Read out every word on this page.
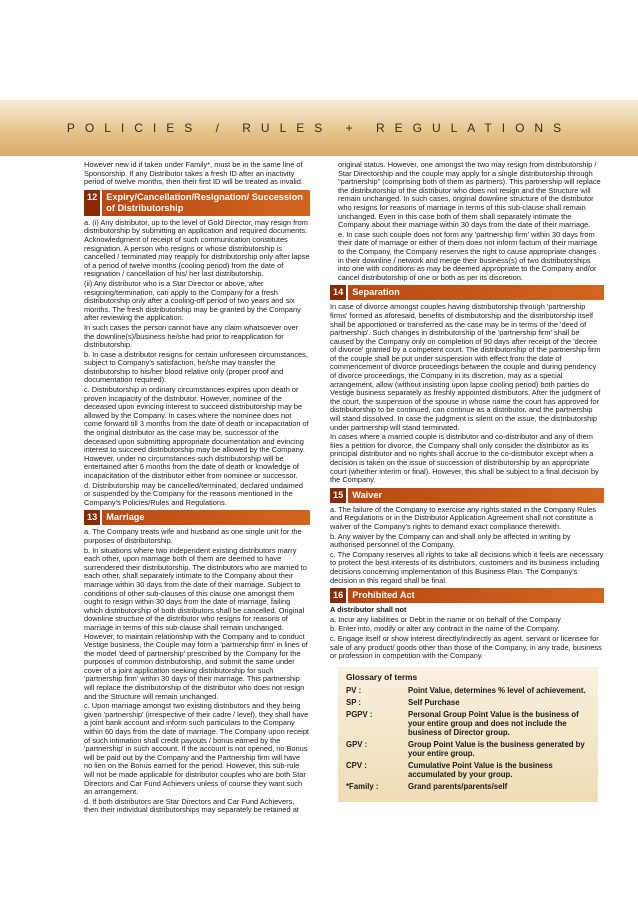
POLICIES / RULES + REGULATIONS

However new id if taken under Family*, must be in the same line of Sponsorship. If any Distributor takes a fresh ID after an inactivity period of twelve months, then their first ID will be treated as invalid.

12 Expiry/Cancellation/Resignation/ Succession of Distributorship

a. (i) Any distributor, up to the level of Gold Director, may resign from distributorship by submitting an application and required documents. Acknowledgment of receipt of such communication constitutes resignation. A person who resigns or whose distributorship is cancelled / terminated may reapply for distributorship only after lapse of a period of twelve months (cooling period) from the date of resignation / cancellation of his/ her last distributorship.

(ii) Any distributor who is a Star Director or above, after resigning/termination, can apply to the Company for a fresh distributorship only after a cooling-off period of two years and six months. The fresh distributorship may be granted by the Company after reviewing the application.

In such cases the person cannot have any claim whatsoever over the downline(s)/business he/she had prior to reapplication for distributorship.

b. In case a distributor resigns for certain unforeseen circumstances, subject to Company's satisfaction, he/she may transfer the distributorship to his/her blood relative only (proper proof and documentation required).

c. Distributorship in ordinary circumstances expires upon death or proven incapacity of the distributor. However, nominee of the deceased upon evincing interest to succeed distributorship may be allowed by the Company. In cases where the nominee does not come forward till 3 months from the date of death or incapacitation of the original distributor as the case may be, successor of the deceased upon submitting appropriate documentation and evincing interest to succeed distributorship may be allowed by the Company. However, under no circumstances such distributorship will be entertained after 6 months from the date of death or knowledge of incapacitation of the distributor either from nominee or successor.

d. Distributorship may be cancelled/terminated, declared undaimed or suspended by the Company for the reasons mentioned in the Company's Policies/Rules and Regulations.

13 Marriage

a. The Company treats wife and husband as one single unit for the purposes of distributorship.

b. In situations where two independent existing distributors marry each other, upon marriage both of them are deemed to have surrendered their distributorship. The distributors who are married to each other, shall separately intimate to the Company about their marriage within 30 days from the date of their marriage. Subject to conditions of other sub-clauses of this clause one amongst them ought to resign within 30 days from the date of marriage, failing which distributorship of both distributors shall be cancelled. Original downline structure of the distributor who resigns for reasons of marriage in terms of this sub-clause shall remain unchanged. However, to maintain relationship with the Company and to conduct Vestige business, the Couple may form a 'partnership firm' in lines of the model 'deed of partnership' prescribed by the Company for the purposes of common distributorship, and submit the same under cover of a joint application seeking distributorship for such 'partnership firm' within 30 days of their marriage. This partnership will replace the distributorship of the distributor who does not resign and the Structure will remain unchanged.

c. Upon marriage amongst two existing distributors and they being given 'partnership' (irrespective of their cadre / level), they shall have a joint bank account and inform such particulars to the Company within 60 days from the date of marriage. The Company upon receipt of such intimation shall credit payouts / bonus earned by the 'partnership' in such account. If the account is not opened, no Bonus will be paid out by the Company and the Partnership firm will have no lien on the Bonus earned for the period. However, this sub-rule will not be made applicable for distributor couples who are both Star Directors and Car Fund Achievers unless of course they want such an arrangement.

d. If both distributors are Star Directors and Car Fund Achievers, then their individual distributorships may separately be retained at

original status. However, one amongst the two may resign from distributorship / Star Directorship and the couple may apply for a single distributorship through "partnership" (comprising both of them as partners). This partnership will replace the distributorship of the distributor who does not resign and the Structure will remain unchanged. In such cases, original downline structure of the distributor who resigns for reasons of marriage in terms of this sub-clause shall remain unchanged. Even in this case both of them shall separately intimate the Company about their marriage within 30 days from the date of their marriage.

e. In case such couple does not form any 'partnership firm' within 30 days from their date of marriage or either of them does not inform factum of their marriage to the Company, the Company reserves the right to cause appropriate changes in their downline / network and merge their business(s) of two distributorships into one with conditions as may be deemed appropriate to the Company and/or cancel distributorship of one or both as per its discretion.

14 Separation

In case of divorce amongst couples having distributorship through 'partnership firms' formed as aforesaid, benefits of distributorship and the distributorship itself shall be apportioned or transferred as the case may be in terms of the 'deed of partnership'. Such changes in distributorship of the 'partnership firm' shall be caused by the Company only on completion of 90 days after receipt of the 'decree of divorce' granted by a competent court. The distributorship of the partnership firm of the couple shall be put under suspension with effect from the date of commencement of divorce proceedings between the couple and during pendency of divorce proceedings, the Company in its discretion, may as a special arrangement, allow (without insisting upon lapse cooling period) both parties do Vestige business separately as freshly appointed distributors. After the judgment of the court, the suspension of the spouse in whose name the court has approved for distributorship to be continued, can continue as a distributor, and the partnership will stand dissolved. In case the judgment is silent on the issue, the distributorship under partnership will stand terminated.

In cases where a married couple is distributor and co-distributor and any of them files a petition for divorce, the Company shall only consider the distributor as its principal distributor and no rights shall accrue to the co-distributor except when a decision is taken on the issue of succession of distributorship by an appropriate court (whether interim or final). However, this shall be subject to a final decision by the Company.

15 Waiver

a. The failure of the Company to exercise any rights stated in the Company Rules and Regulations or in the Distributor Application Agreement shall not constitute a waiver of the Company's rights to demand exact compliance therewith.

b. Any waiver by the Company can and shall only be affected in writing by authorised personnel of the Company.

c. The Company reserves all rights to take all decisions which it feels are necessary to protect the best interests of its distributors, customers and its business including decisions concerning implementation of this Business Plan. The Company's decision in this regard shall be final.

16 Prohibited Act

A distributor shall not

a. Incur any liabilities or Debt in the name or on behalf of the Company

b. Enter into, modify or alter any contract in the name of the Company.

c. Engage itself or show interest directly/indirectly as agent, servant or licensee for sale of any product/ goods other than those of the Company, in any trade, business or profession in competition with the Company.

Glossary of terms
PV :	Point Value, determines % level of achievement.
SP :	Self Purchase
PGPV :	Personal Group Point Value is the business of your entire group and does not include the business of Director group.
GPV :	Group Point Value is the business generated by your entire group.
CPV :	Cumulative Point Value is the business accumulated by your group.
*Family :	Grand parents/parents/self
